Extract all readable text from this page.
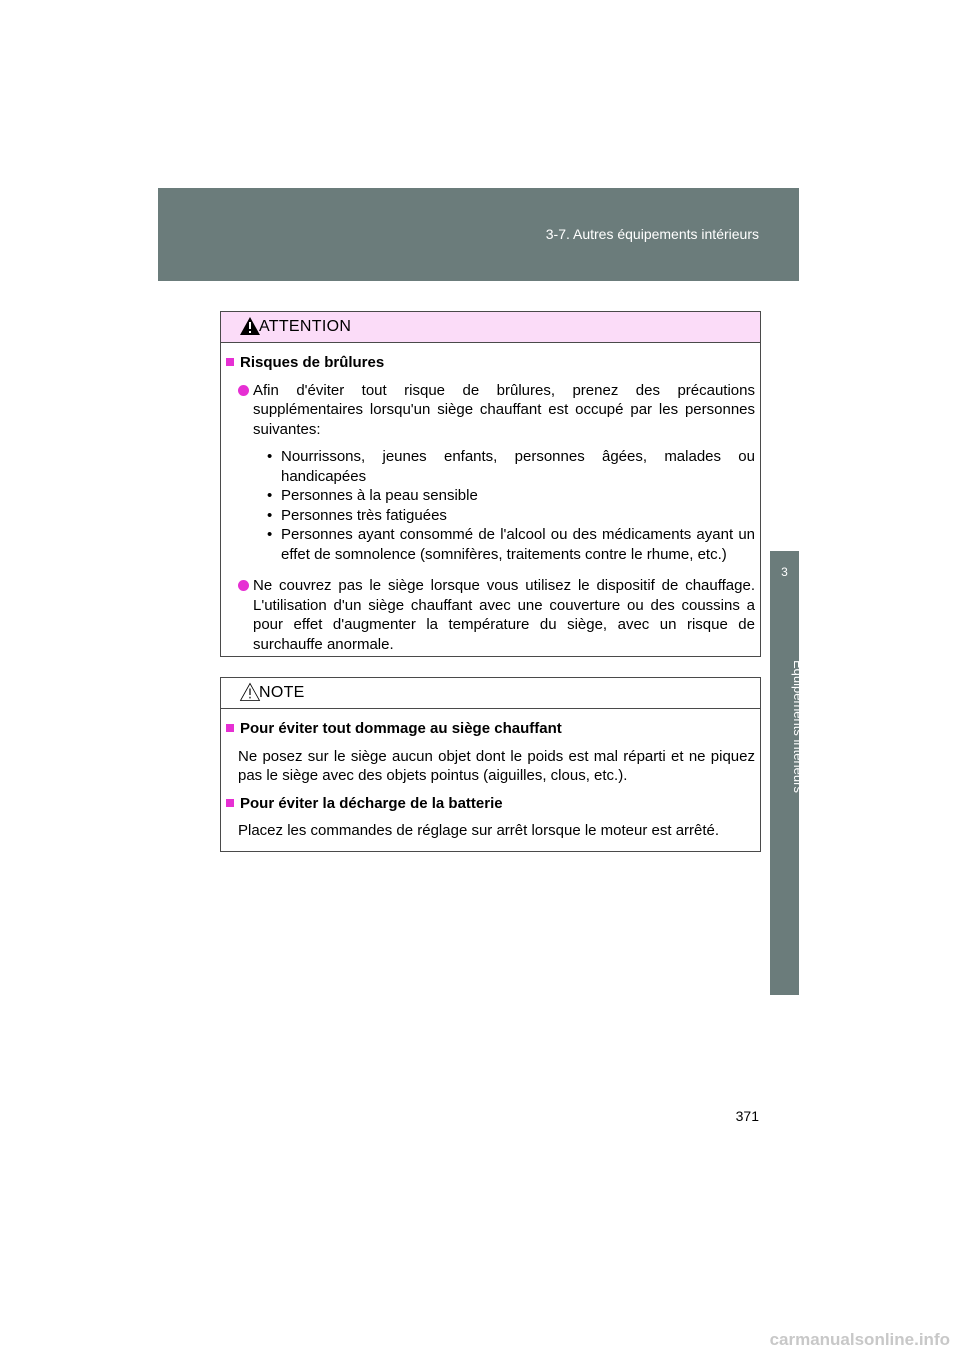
3-7. Autres équipements intérieurs
3
Équipements intérieurs
ATTENTION
Risques de brûlures
Afin d'éviter tout risque de brûlures, prenez des précautions supplémentaires lorsqu'un siège chauffant est occupé par les personnes suivantes:
• Nourrissons, jeunes enfants, personnes âgées, malades ou handicapées
• Personnes à la peau sensible
• Personnes très fatiguées
• Personnes ayant consommé de l'alcool ou des médicaments ayant un effet de somnolence (somnifères, traitements contre le rhume, etc.)
Ne couvrez pas le siège lorsque vous utilisez le dispositif de chauffage. L'utilisation d'un siège chauffant avec une couverture ou des coussins a pour effet d'augmenter la température du siège, avec un risque de surchauffe anormale.
NOTE
Pour éviter tout dommage au siège chauffant
Ne posez sur le siège aucun objet dont le poids est mal réparti et ne piquez pas le siège avec des objets pointus (aiguilles, clous, etc.).
Pour éviter la décharge de la batterie
Placez les commandes de réglage sur arrêt lorsque le moteur est arrêté.
371
carmanualsonline.info
